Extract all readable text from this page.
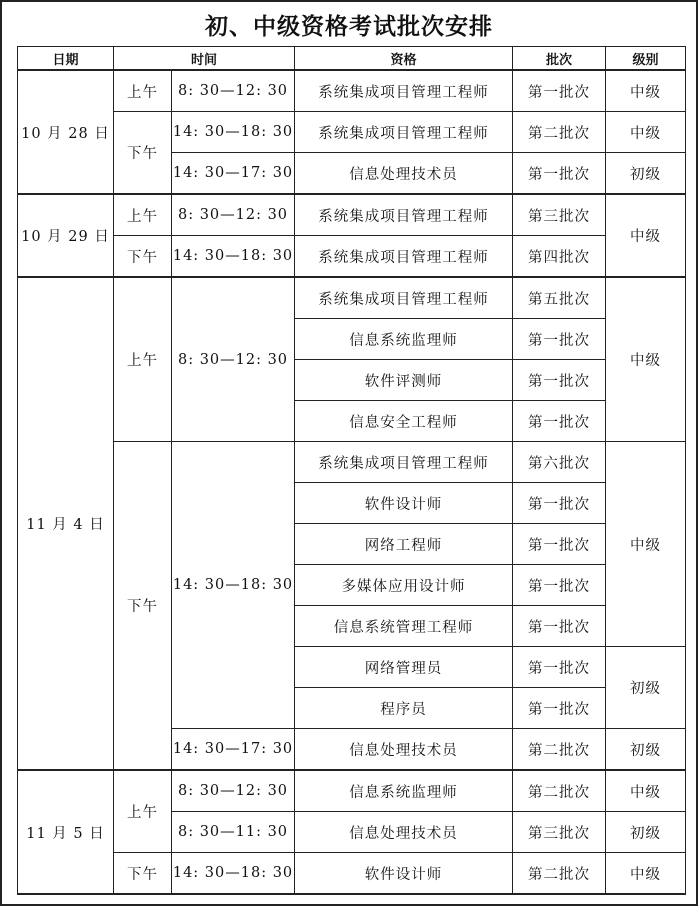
初、中级资格考试批次安排
日期	时间		资格	批次	级别
10 月 28 日	上午	8: 30—12: 30	系统集成项目管理工程师	第一批次	中级
	下午	14: 30—18: 30	系统集成项目管理工程师	第二批次	中级
		14: 30—17: 30	信息处理技术员	第一批次	初级
10 月 29 日	上午	8: 30—12: 30	系统集成项目管理工程师	第三批次	中级
	下午	14: 30—18: 30	系统集成项目管理工程师	第四批次	
11 月 4 日	上午	8: 30—12: 30	系统集成项目管理工程师	第五批次	中级
			信息系统监理师	第一批次	
			软件评测师	第一批次	
			信息安全工程师	第一批次	
	下午	14: 30—18: 30	系统集成项目管理工程师	第六批次	中级
			软件设计师	第一批次	
			网络工程师	第一批次	
			多媒体应用设计师	第一批次	
			信息系统管理工程师	第一批次	
			网络管理员	第一批次	初级
			程序员	第一批次	
		14: 30—17: 30	信息处理技术员	第二批次	初级
11 月 5 日	上午	8: 30—12: 30	信息系统监理师	第二批次	中级
		8: 30—11: 30	信息处理技术员	第三批次	初级
	下午	14: 30—18: 30	软件设计师	第二批次	中级
